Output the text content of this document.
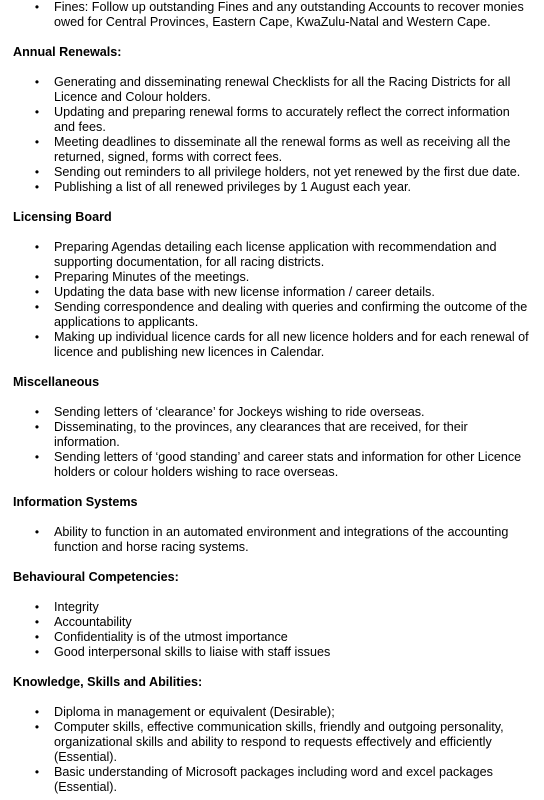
• Fines: Follow up outstanding Fines and any outstanding Accounts to recover monies owed for Central Provinces, Eastern Cape, KwaZulu-Natal and Western Cape.
Annual Renewals:
• Generating and disseminating renewal Checklists for all the Racing Districts for all Licence and Colour holders.
• Updating and preparing renewal forms to accurately reflect the correct information and fees.
• Meeting deadlines to disseminate all the renewal forms as well as receiving all the returned, signed, forms with correct fees.
• Sending out reminders to all privilege holders, not yet renewed by the first due date.
• Publishing a list of all renewed privileges by 1 August each year.
Licensing Board
• Preparing Agendas detailing each license application with recommendation and supporting documentation, for all racing districts.
• Preparing Minutes of the meetings.
• Updating the data base with new license information / career details.
• Sending correspondence and dealing with queries and confirming the outcome of the applications to applicants.
• Making up individual licence cards for all new licence holders and for each renewal of licence and publishing new licences in Calendar.
Miscellaneous
• Sending letters of ‘clearance’ for Jockeys wishing to ride overseas.
• Disseminating, to the provinces, any clearances that are received, for their information.
• Sending letters of ‘good standing’ and career stats and information for other Licence holders or colour holders wishing to race overseas.
Information Systems
• Ability to function in an automated environment and integrations of the accounting function and horse racing systems.
Behavioural Competencies:
• Integrity
• Accountability
• Confidentiality is of the utmost importance
• Good interpersonal skills to liaise with staff issues
Knowledge, Skills and Abilities:
• Diploma in management or equivalent (Desirable);
• Computer skills, effective communication skills, friendly and outgoing personality, organizational skills and ability to respond to requests effectively and efficiently (Essential).
• Basic understanding of Microsoft packages including word and excel packages (Essential).
